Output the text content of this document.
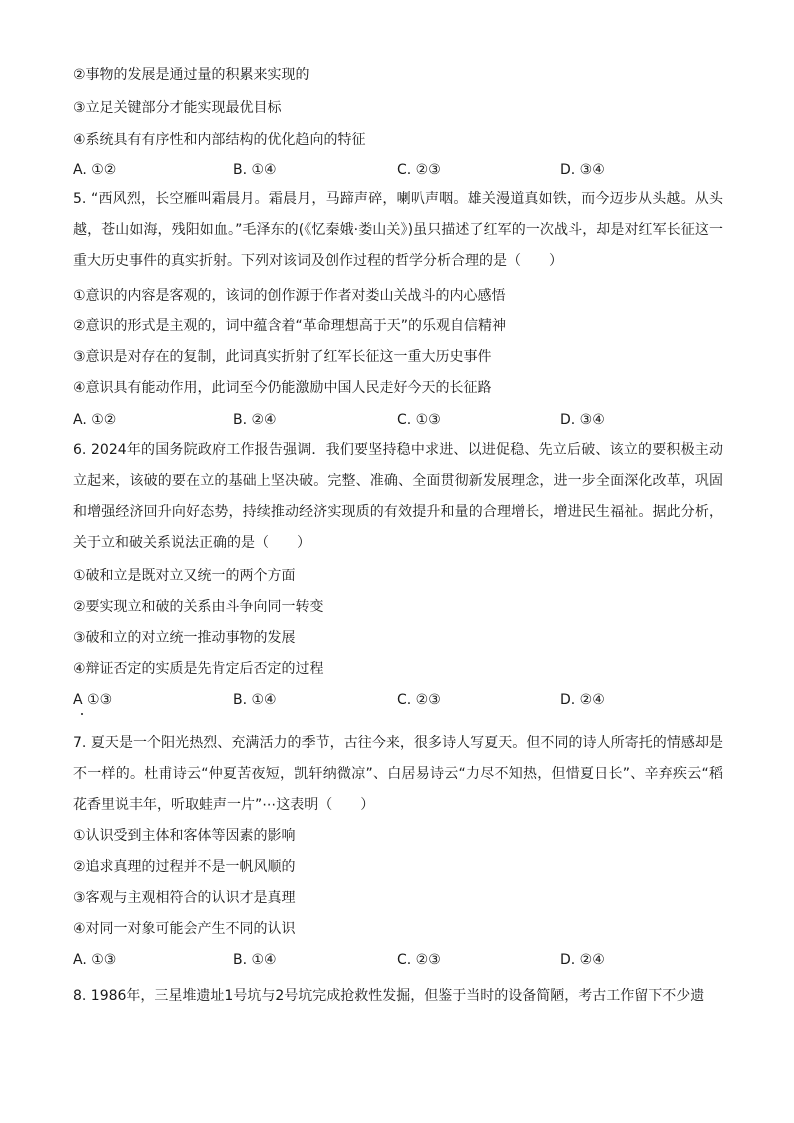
②事物的发展是通过量的积累来实现的
③立足关键部分才能实现最优目标
④系统具有有序性和内部结构的优化趋向的特征
A. ①②	B. ①④	C. ②③	D. ③④
5. “西风烈，长空雁叫霜晨月。霜晨月，马蹄声碎，喇叭声咽。雄关漫道真如铁，而今迈步从头越。从头越，苍山如海，残阳如血。”毛泽东的(《忆秦娥·娄山关》)虽只描述了红军的一次战斗，却是对红军长征这一重大历史事件的真实折射。下列对该词及创作过程的哲学分析合理的是（　　）
①意识的内容是客观的，该词的创作源于作者对娄山关战斗的内心感悟
②意识的形式是主观的，词中蕴含着“革命理想高于天”的乐观自信精神
③意识是对存在的复制，此词真实折射了红军长征这一重大历史事件
④意识具有能动作用，此词至今仍能激励中国人民走好今天的长征路
A. ①②	B. ②④	C. ①③	D. ③④
6. 2024年的国务院政府工作报告强调．我们要坚持稳中求进、以进促稳、先立后破、该立的要积极主动立起来，该破的要在立的基础上坚决破。完整、准确、全面贯彻新发展理念，进一步全面深化改革，巩固和增强经济回升向好态势，持续推动经济实现质的有效提升和量的合理增长，增进民生福祉。据此分析，关于立和破关系说法正确的是（　　）
①破和立是既对立又统一的两个方面
②要实现立和破的关系由斗争向同一转变
③破和立的对立统一推动事物的发展
④辩证否定的实质是先肯定后否定的过程
A ①③	B. ①④	C. ②③	D. ②④
7. 夏天是一个阳光热烈、充满活力的季节，古往今来，很多诗人写夏天。但不同的诗人所寄托的情感却是不一样的。杜甫诗云“仲夏苦夜短，凯轩纳微凉”、白居易诗云“力尽不知热，但惜夏日长”、辛弃疾云“稻花香里说丰年，听取蛙声一片”⋯这表明（　　）
①认识受到主体和客体等因素的影响
②追求真理的过程并不是一帆风顺的
③客观与主观相符合的认识才是真理
④对同一对象可能会产生不同的认识
A. ①③	B. ①④	C. ②③	D. ②④
8. 1986年，三星堆遗址1号坑与2号坑完成抢救性发掘，但鉴于当时的设备简陋，考古工作留下不少遗
